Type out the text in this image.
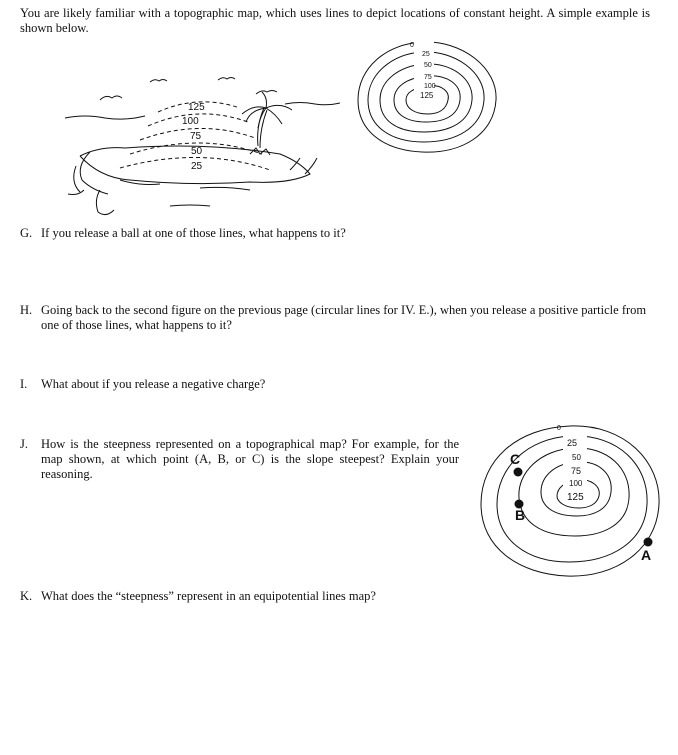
You are likely familiar with a topographic map, which uses lines to depict locations of constant height. A simple example is shown below.
125
100
75
50
25
0
25
50
75
100
125
G. If you release a ball at one of those lines, what happens to it?
H. Going back to the second figure on the previous page (circular lines for IV. E.), when you release a positive particle from one of those lines, what happens to it?
I. What about if you release a negative charge?
J. How is the steepness represented on a topographical map? For example, for the map shown, at which point (A, B, or C) is the slope steepest? Explain your reasoning.
0
25
50
75
100
125
A
B
C
K. What does the “steepness” represent in an equipotential lines map?
